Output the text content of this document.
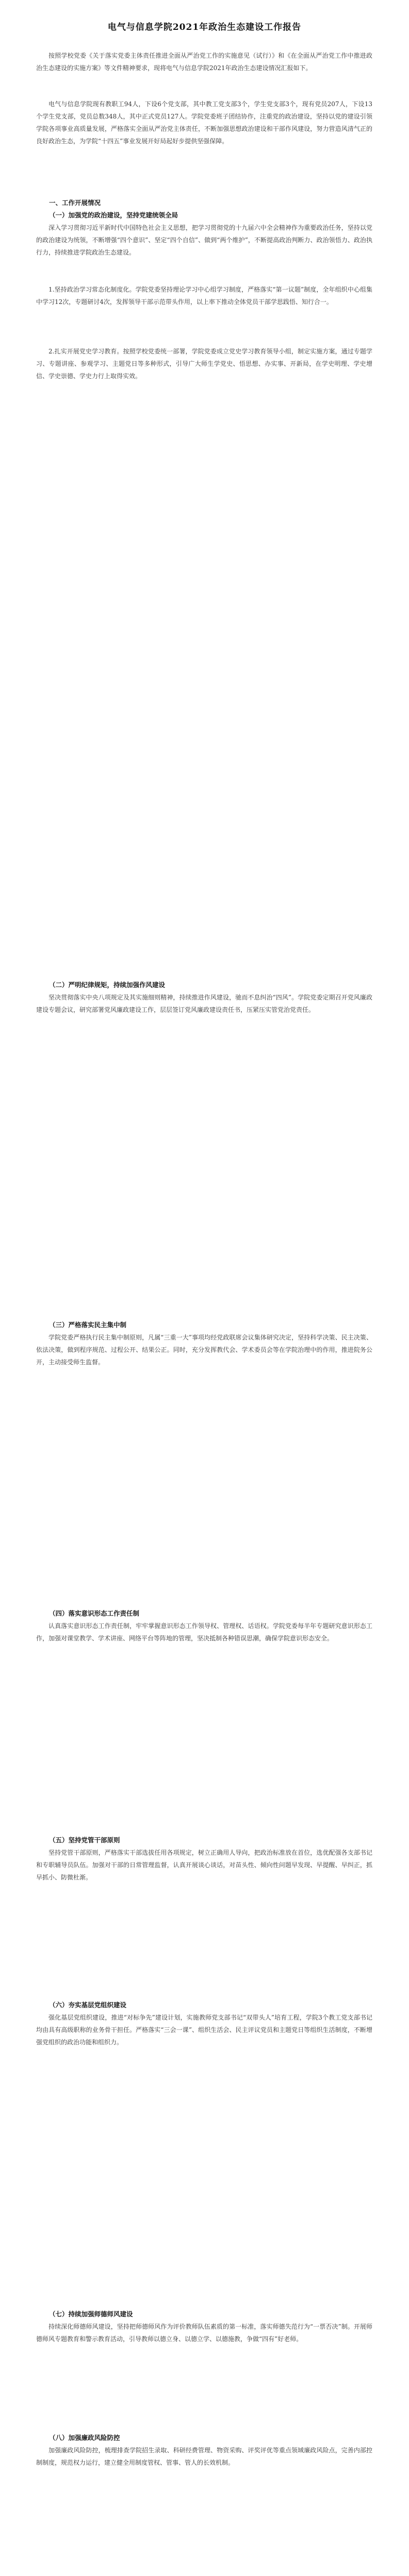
电气与信息学院2021年政治生态建设工作报告

按照学校党委《关于落实党委主体责任推进全面从严治党工作的实施意见（试行）》和《在全面从严治党工作中推进政治生态建设的实施方案》等文件精神要求，现将电气与信息学院2021年政治生态建设情况汇报如下。

电气与信息学院现有教职工94人，下设6个党支部，其中教工党支部3个，学生党支部3个，现有党员207人，下设13个学生党支部，党员总数348人，其中正式党员127人。学院党委班子团结协作，注重党的政治建设，坚持以党的建设引领学院各项事业高质量发展，严格落实全面从严治党主体责任，不断加强思想政治建设和干部作风建设，努力营造风清气正的良好政治生态，为学院“十四五”事业发展开好局起好步提供坚强保障。

一、工作开展情况

（一）加强党的政治建设，坚持党建统领全局

深入学习贯彻习近平新时代中国特色社会主义思想，把学习贯彻党的十九届六中全会精神作为重要政治任务，坚持以党的政治建设为统领，不断增强“四个意识”、坚定“四个自信”、做到“两个维护”，不断提高政治判断力、政治领悟力、政治执行力，持续推进学院政治生态建设。

1.坚持政治学习常态化制度化。学院党委坚持理论学习中心组学习制度，严格落实“第一议题”制度，全年组织中心组集中学习12次，专题研讨4次，发挥领导干部示范带头作用，以上率下推动全体党员干部学思践悟、知行合一。

2.扎实开展党史学习教育。按照学校党委统一部署，学院党委成立党史学习教育领导小组，制定实施方案，通过专题学习、专题讲座、参观学习、主题党日等多种形式，引导广大师生学党史、悟思想、办实事、开新局，在学史明理、学史增信、学史崇德、学史力行上取得实效。

（二）严明纪律规矩，持续加强作风建设

坚决贯彻落实中央八项规定及其实施细则精神，持续推进作风建设，驰而不息纠治“四风”。学院党委定期召开党风廉政建设专题会议，研究部署党风廉政建设工作，层层签订党风廉政建设责任书，压紧压实管党治党责任。

（三）严格落实民主集中制

学院党委严格执行民主集中制原则，凡属“三重一大”事项均经党政联席会议集体研究决定，坚持科学决策、民主决策、依法决策，做到程序规范、过程公开、结果公正。同时，充分发挥教代会、学术委员会等在学院治理中的作用，推进院务公开，主动接受师生监督。

（四）落实意识形态工作责任制

认真落实意识形态工作责任制，牢牢掌握意识形态工作领导权、管理权、话语权。学院党委每半年专题研究意识形态工作，加强对课堂教学、学术讲座、网络平台等阵地的管理，坚决抵制各种错误思潮，确保学院意识形态安全。

（五）坚持党管干部原则

坚持党管干部原则，严格落实干部选拔任用各项规定，树立正确用人导向，把政治标准放在首位，选优配强各支部书记和专职辅导员队伍。加强对干部的日常管理监督，认真开展谈心谈话，对苗头性、倾向性问题早发现、早提醒、早纠正，抓早抓小、防微杜渐。

（六）夯实基层党组织建设

强化基层党组织建设，推进“对标争先”建设计划，实施教师党支部书记“双带头人”培育工程，学院3个教工党支部书记均由具有高级职称的业务骨干担任。严格落实“三会一课”、组织生活会、民主评议党员和主题党日等组织生活制度，不断增强党组织的政治功能和组织力。

（七）持续加强师德师风建设

持续深化师德师风建设，坚持把师德师风作为评价教师队伍素质的第一标准，落实师德失范行为“一票否决”制。开展师德师风专题教育和警示教育活动，引导教师以德立身、以德立学、以德施教，争做“四有”好老师。

（八）加强廉政风险防控

加强廉政风险防控，梳理排查学院招生录取、科研经费管理、物资采购、评奖评优等重点领域廉政风险点，完善内部控制制度，规范权力运行，建立健全用制度管权、管事、管人的长效机制。
